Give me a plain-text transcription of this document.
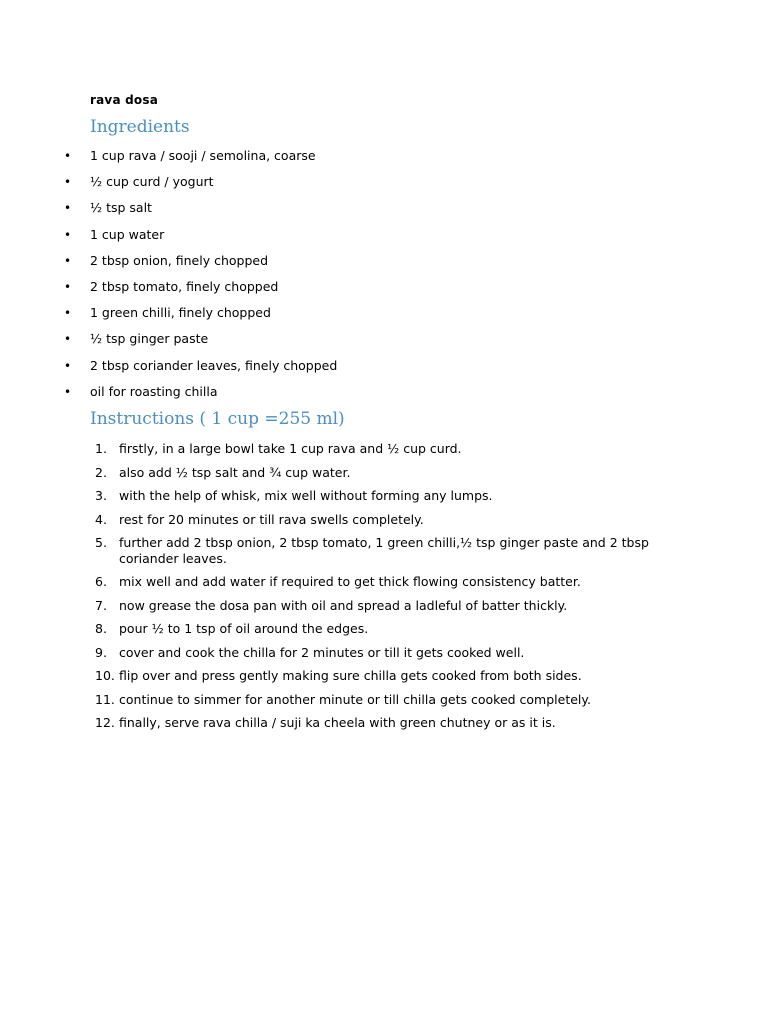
rava dosa
Ingredients
• 1 cup rava / sooji / semolina, coarse
• ½ cup curd / yogurt
• ½ tsp salt
• 1 cup water
• 2 tbsp onion, finely chopped
• 2 tbsp tomato, finely chopped
• 1 green chilli, finely chopped
• ½ tsp ginger paste
• 2 tbsp coriander leaves, finely chopped
• oil for roasting chilla
Instructions ( 1 cup =255 ml)
1. firstly, in a large bowl take 1 cup rava and ½ cup curd.
2. also add ½ tsp salt and ¾ cup water.
3. with the help of whisk, mix well without forming any lumps.
4. rest for 20 minutes or till rava swells completely.
5. further add 2 tbsp onion, 2 tbsp tomato, 1 green chilli,½ tsp ginger paste and 2 tbsp coriander leaves.
6. mix well and add water if required to get thick flowing consistency batter.
7. now grease the dosa pan with oil and spread a ladleful of batter thickly.
8. pour ½ to 1 tsp of oil around the edges.
9. cover and cook the chilla for 2 minutes or till it gets cooked well.
10. flip over and press gently making sure chilla gets cooked from both sides.
11. continue to simmer for another minute or till chilla gets cooked completely.
12. finally, serve rava chilla / suji ka cheela with green chutney or as it is.
